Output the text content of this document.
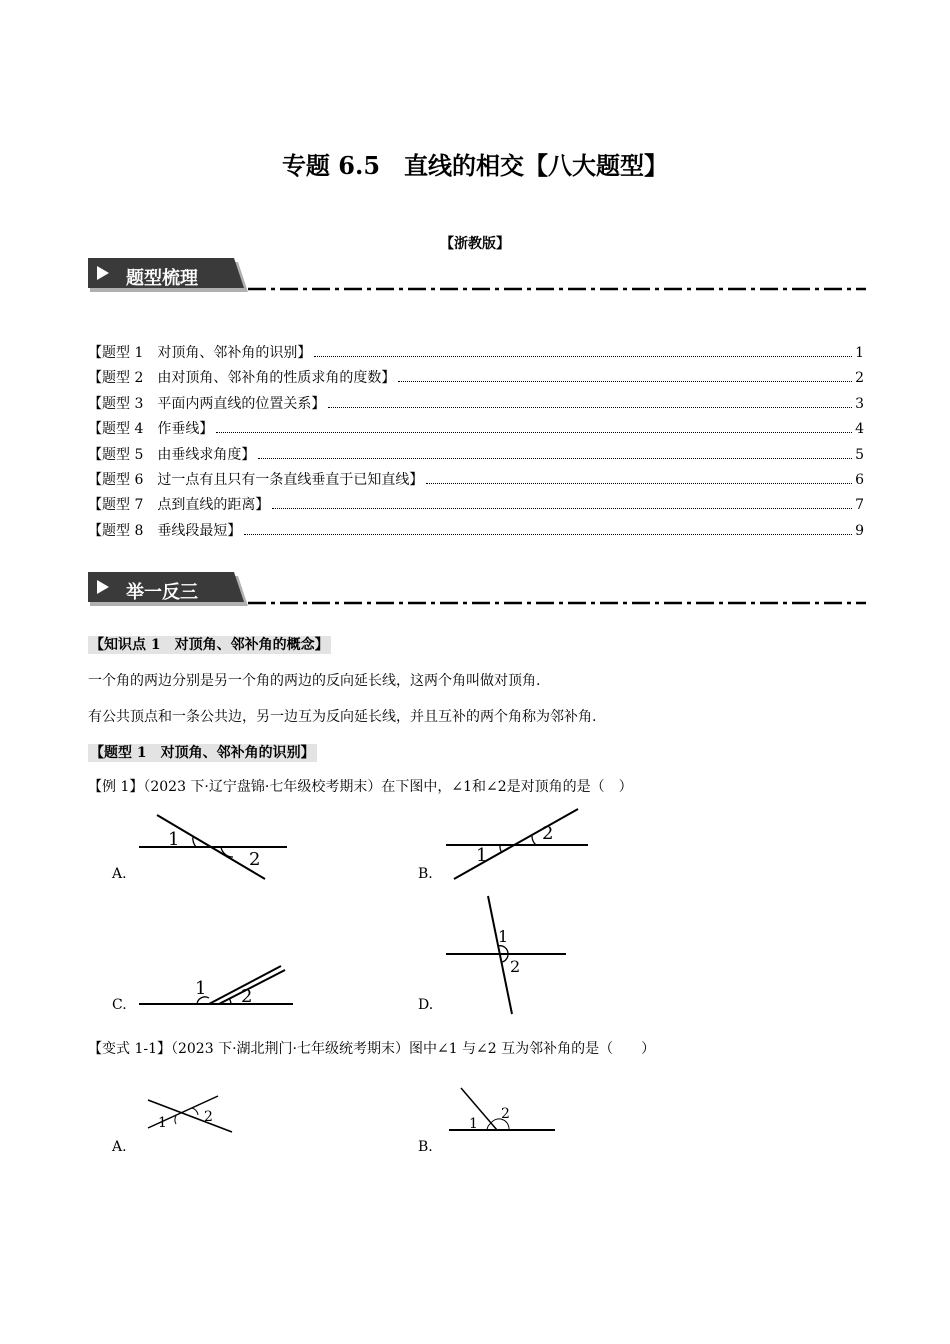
专题 6.5　直线的相交【八大题型】
【浙教版】
题型梳理
【题型 1　对顶角、邻补角的识别】	1
【题型 2　由对顶角、邻补角的性质求角的度数】	2
【题型 3　平面内两直线的位置关系】	3
【题型 4　作垂线】	4
【题型 5　由垂线求角度】	5
【题型 6　过一点有且只有一条直线垂直于已知直线】	6
【题型 7　点到直线的距离】	7
【题型 8　垂线段最短】	9
举一反三
【知识点 1　对顶角、邻补角的概念】
一个角的两边分别是另一个角的两边的反向延长线，这两个角叫做对顶角.
有公共顶点和一条公共边，另一边互为反向延长线，并且互补的两个角称为邻补角.
【题型 1　对顶角、邻补角的识别】
【例 1】（2023 下·辽宁盘锦·七年级校考期末）在下图中，∠1和∠2是对顶角的是（　）
1
2
A.
1
2
B.
1 2
C.
1
2
D.
【变式 1-1】（2023 下·湖北荆门·七年级统考期末）图中∠1 与∠2 互为邻补角的是（　　）
1	2
A.
1
2
B.
